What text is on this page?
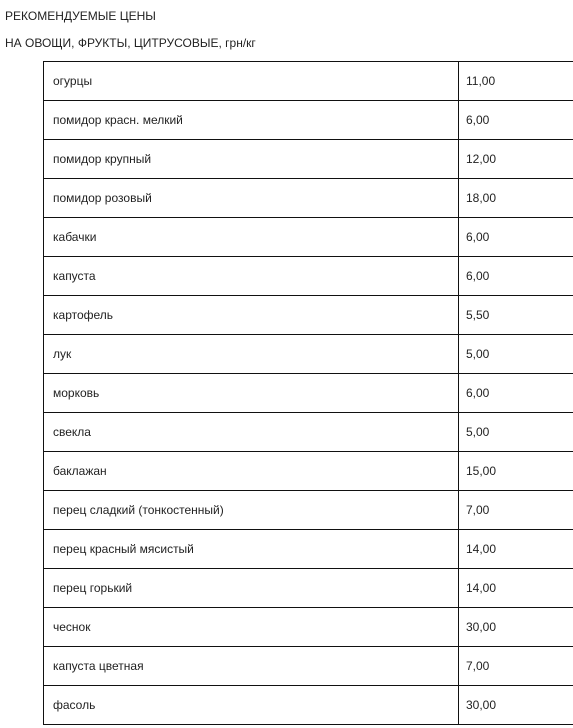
РЕКОМЕНДУЕМЫЕ ЦЕНЫ
НА ОВОЩИ, ФРУКТЫ, ЦИТРУСОВЫЕ, грн/кг
огурцы	11,00
помидор красн. мелкий	6,00
помидор крупный	12,00
помидор розовый	18,00
кабачки	6,00
капуста	6,00
картофель	5,50
лук	5,00
морковь	6,00
свекла	5,00
баклажан	15,00
перец сладкий (тонкостенный)	7,00
перец красный мясистый	14,00
перец горький	14,00
чеснок	30,00
капуста цветная	7,00
фасоль	30,00
